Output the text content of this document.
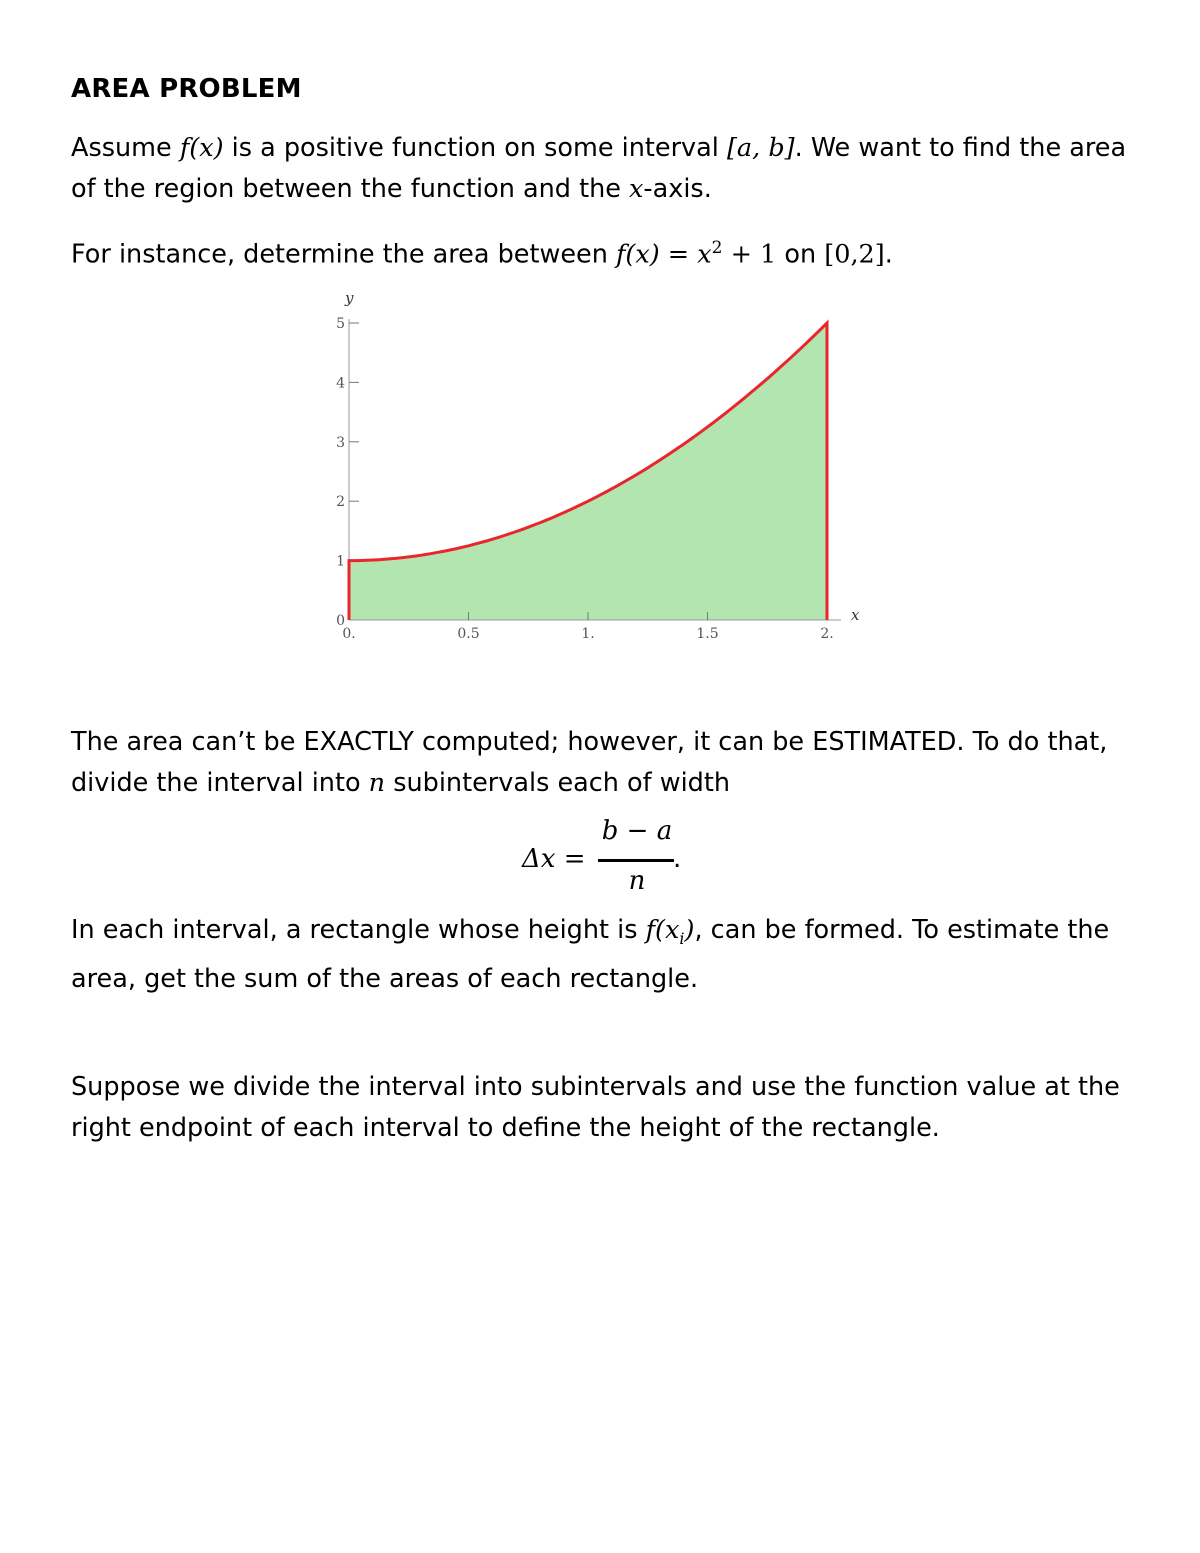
AREA PROBLEM
Assume f(x) is a positive function on some interval [a, b]. We want to find the area of the region between the function and the x-axis.
For instance, determine the area between $f(x) = x^2 + 1$ on [0,2].
0.	0.5	1.	1.5	2.
0
1
2
3
4
5
y
x
The area can’t be EXACTLY computed; however, it can be ESTIMATED. To do that, divide the interval into n subintervals each of width
Δx =
b − a
n
.
In each interval, a rectangle whose height is $f(x_i)$, can be formed. To estimate the area, get the sum of the areas of each rectangle.
Suppose we divide the interval into subintervals and use the function value at the right endpoint of each interval to define the height of the rectangle.
